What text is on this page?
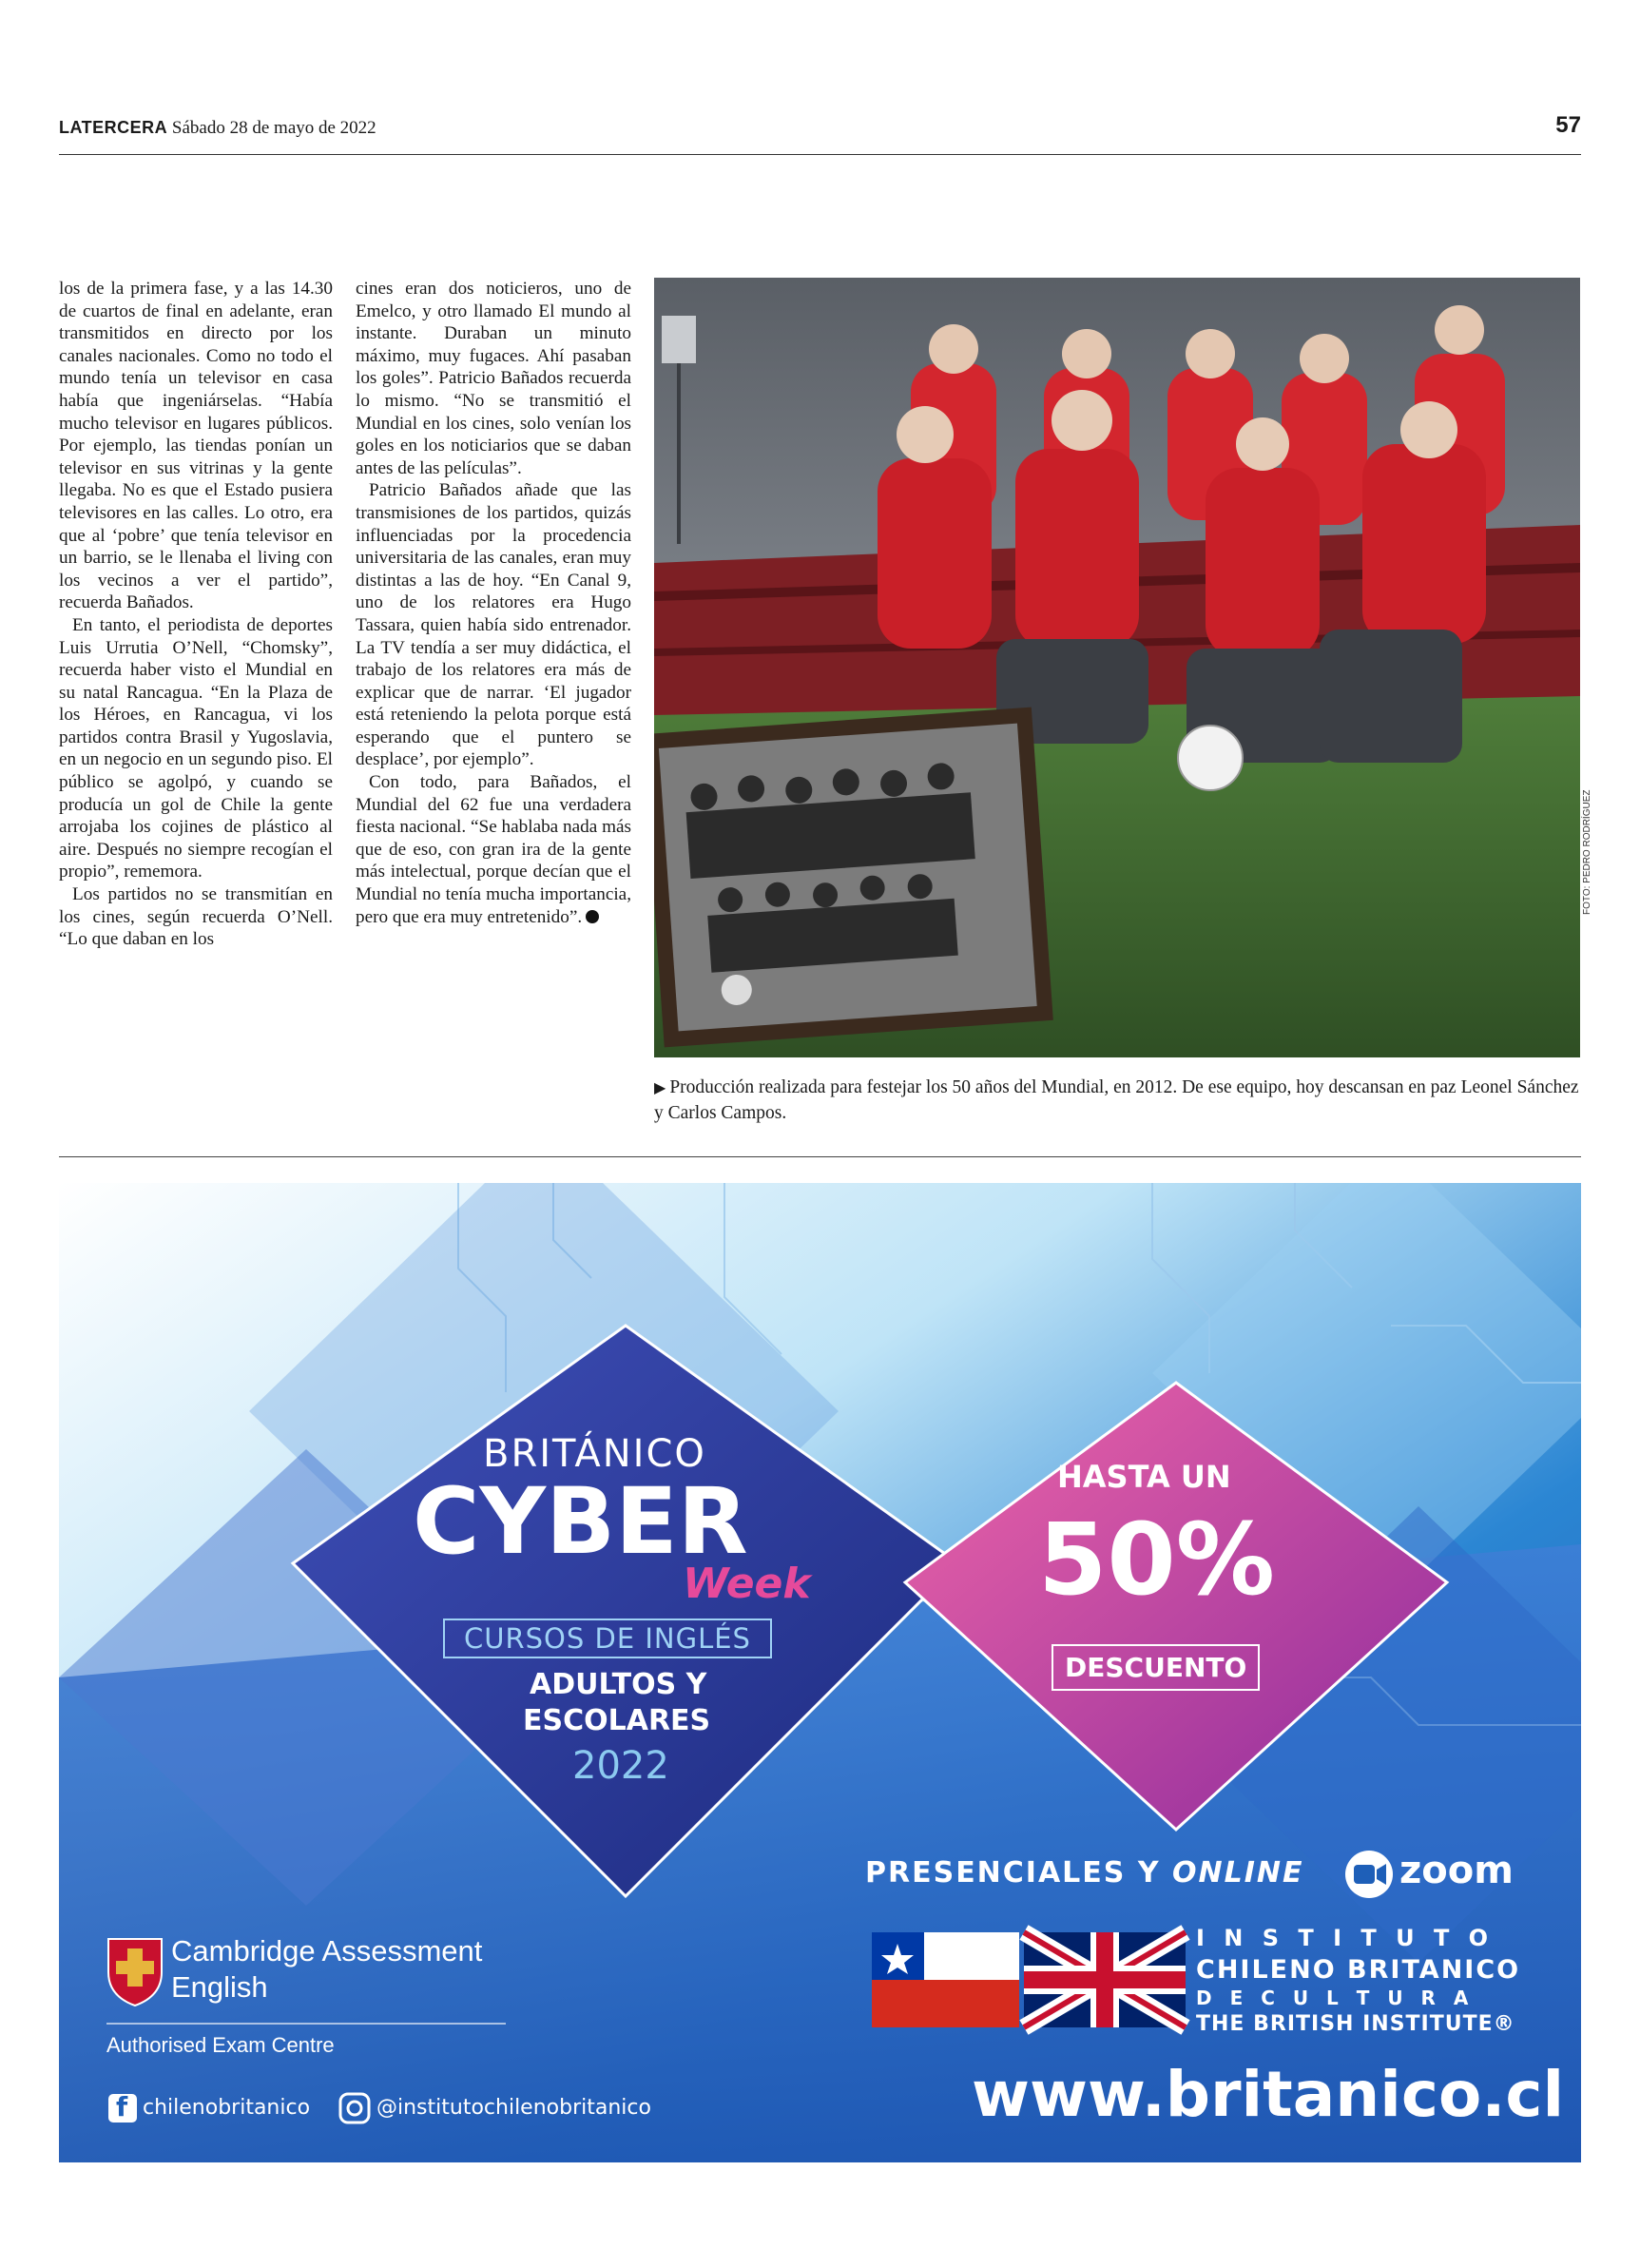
LATERCERA Sábado 28 de mayo de 2022	57

los de la primera fase, y a las 14.30 de cuartos de final en adelante, eran transmitidos en directo por los canales nacionales. Como no todo el mundo tenía un televisor en casa había que ingeniárselas. “Había mucho televisor en lugares públicos. Por ejemplo, las tiendas ponían un televisor en sus vitrinas y la gente llegaba. No es que el Estado pusiera televisores en las calles. Lo otro, era que al ‘pobre’ que tenía televisor en un barrio, se le llenaba el living con los vecinos a ver el partido”, recuerda Bañados.

En tanto, el periodista de deportes Luis Urrutia O’Nell, “Chomsky”, recuerda haber visto el Mundial en su natal Rancagua. “En la Plaza de los Héroes, en Rancagua, vi los partidos contra Brasil y Yugoslavia, en un negocio en un segundo piso. El público se agolpó, y cuando se producía un gol de Chile la gente arrojaba los cojines de plástico al aire. Después no siempre recogían el propio”, rememora.

Los partidos no se transmitían en los cines, según recuerda O’Nell. “Lo que daban en los

cines eran dos noticieros, uno de Emelco, y otro llamado El mundo al instante. Duraban un minuto máximo, muy fugaces. Ahí pasaban los goles”. Patricio Bañados recuerda lo mismo. “No se transmitió el Mundial en los cines, solo venían los goles en los noticiarios que se daban antes de las películas”.

Patricio Bañados añade que las transmisiones de los partidos, quizás influenciadas por la procedencia universitaria de las canales, eran muy distintas a las de hoy. “En Canal 9, uno de los relatores era Hugo Tassara, quien había sido entrenador. La TV tendía a ser muy didáctica, el trabajo de los relatores era más de explicar que de narrar. ‘El jugador está reteniendo la pelota porque está esperando que el puntero se desplace’, por ejemplo”.

Con todo, para Bañados, el Mundial del 62 fue una verdadera fiesta nacional. “Se hablaba nada más que de eso, con gran ira de la gente más intelectual, porque decían que el Mundial no tenía mucha importancia, pero que era muy entretenido”.

FOTO: PEDRO RODRÍGUEZ
▶ Producción realizada para festejar los 50 años del Mundial, en 2012. De ese equipo, hoy descansan en paz Leonel Sánchez y Carlos Campos.
BRITÁNICO
CYBER
Week
CURSOS DE INGLÉS
ADULTOS Y
ESCOLARES
2022
HASTA UN
50%
DESCUENTO
PRESENCIALES Y ONLINE	zoom
Cambridge Assessment
English
Authorised Exam Centre
f chilenobritanico	@institutochilenobritanico
I N S T I T U T O
CHILENO BRITANICO
D E C U L T U R A
THE BRITISH INSTITUTE®
www.britanico.cl
